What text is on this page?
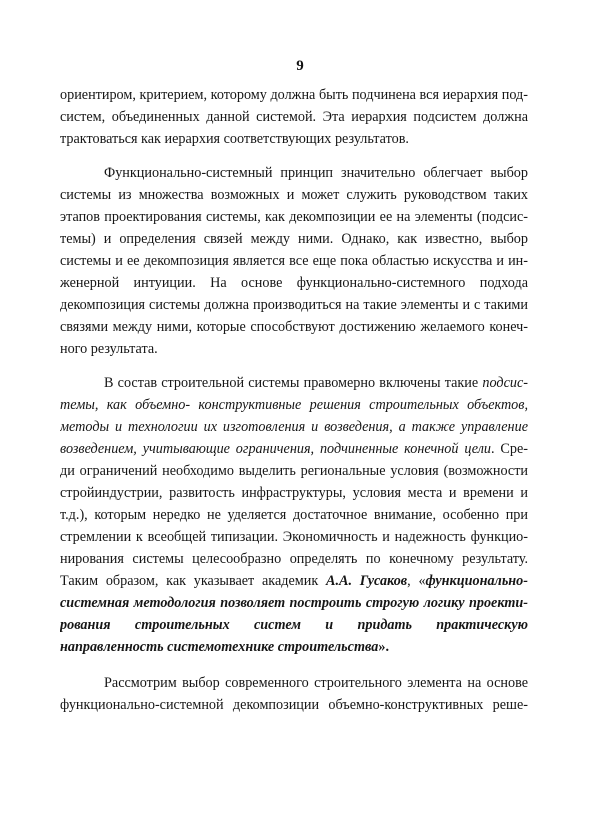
9
ориентиром, критерием, которому должна быть подчинена вся иерархия под-
систем, объединенных данной системой. Эта иерархия подсистем должна
трактоваться как иерархия соответствующих результатов.
Функционально-системный принцип значительно облегчает выбор
системы из множества возможных и может служить руководством таких
этапов проектирования системы, как декомпозиции ее на элементы (подсис-
темы) и определения связей между ними. Однако, как известно, выбор
системы и ее декомпозиция является все еще пока областью искусства и ин-
женерной интуиции. На основе функционально-системного подхода
декомпозиция системы должна производиться на такие элементы и с такими
связями между ними, которые способствуют достижению желаемого конеч-
ного результата.
В состав строительной системы правомерно включены такие подсис-
темы, как объемно- конструктивные решения строительных объектов,
методы и технологии их изготовления и возведения, а также управление
возведением, учитывающие ограничения, подчиненные конечной цели. Сре-
ди ограничений необходимо выделить региональные условия (возможности
стройиндустрии, развитость инфраструктуры, условия места и времени и
т.д.), которым нередко не уделяется достаточное внимание, особенно при
стремлении к всеобщей типизации. Экономичность и надежность функцио-
нирования системы целесообразно определять по конечному результату.
Таким образом, как указывает академик А.А. Гусаков, «функционально-
системная методология позволяет построить строгую логику проекти-
рования строительных систем и придать практическую
направленность системотехнике строительства».
Рассмотрим выбор современного строительного элемента на основе
функционально-системной декомпозиции объемно-конструктивных реше-
